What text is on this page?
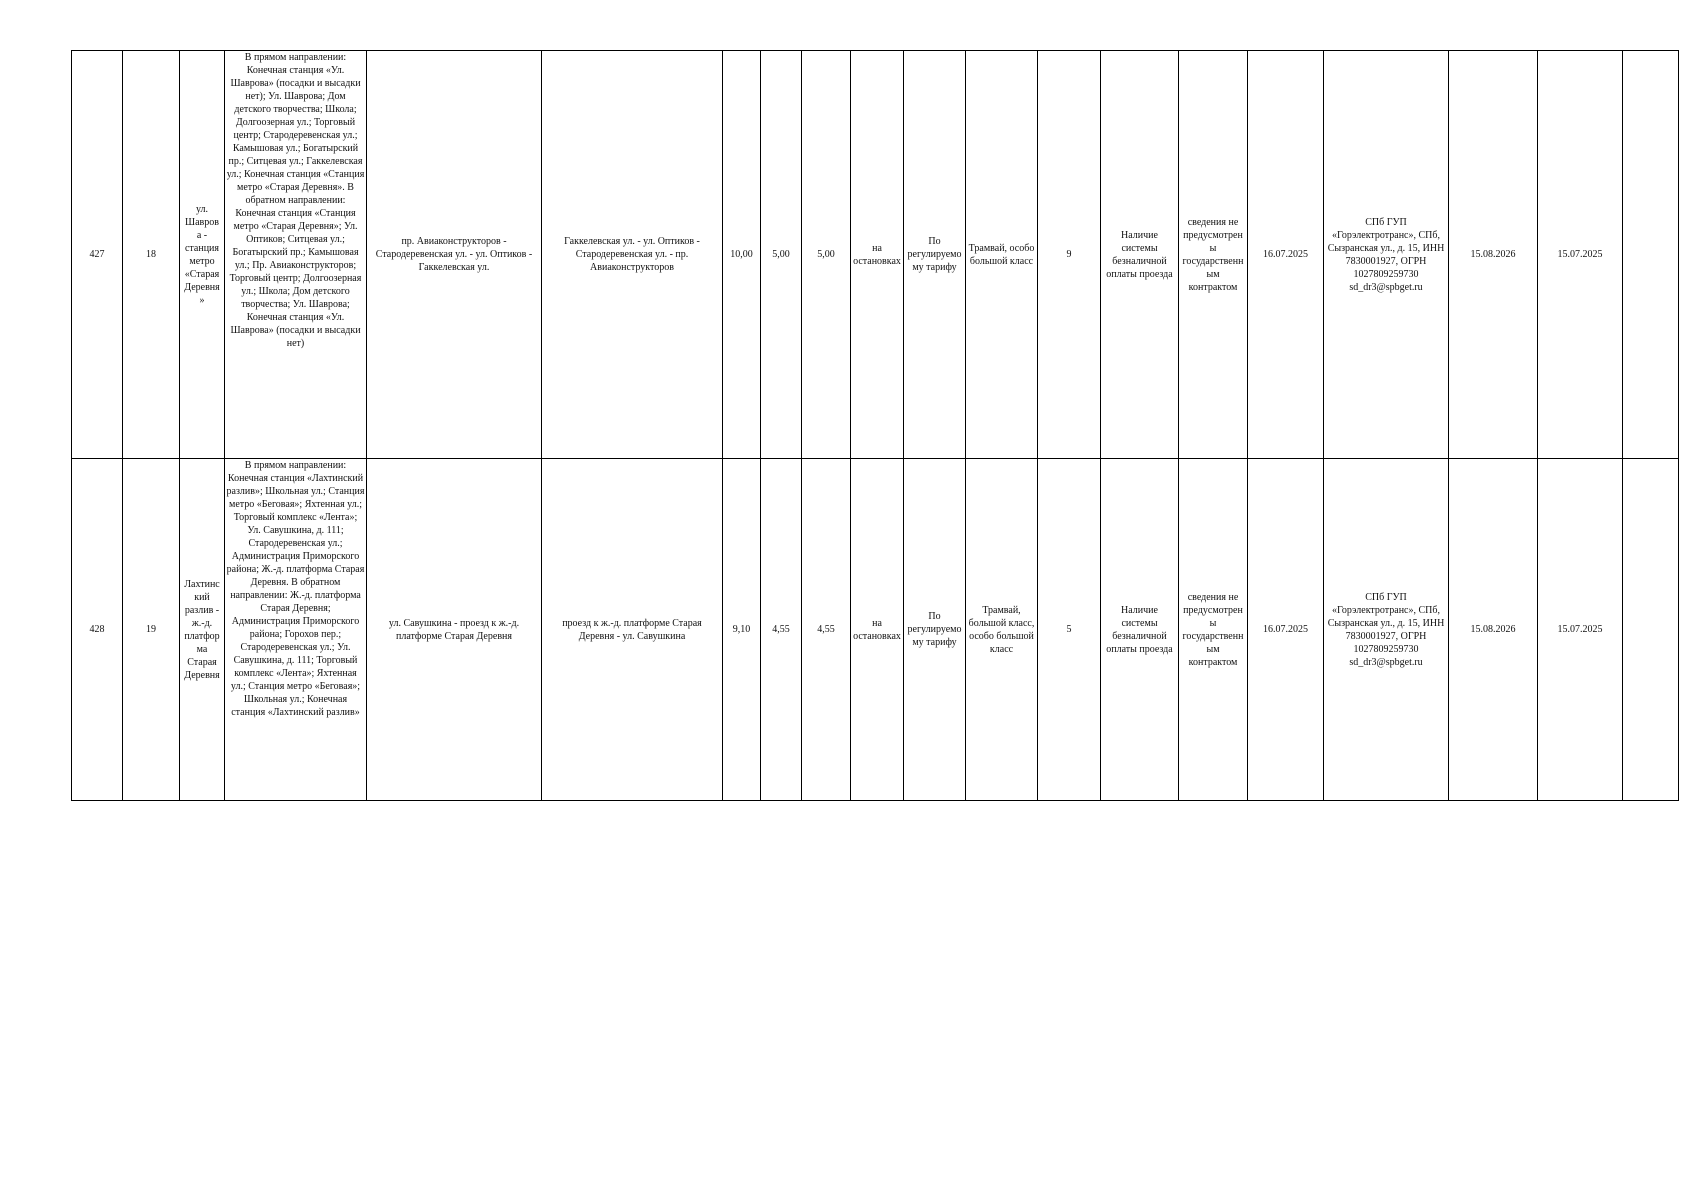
427	18	ул. Шаврова - станция метро «Старая Деревня»	В прямом направлении: Конечная станция «Ул. Шаврова» (посадки и высадки нет); Ул. Шаврова; Дом детского творчества; Школа; Долгоозерная ул.; Торговый центр; Стародеревенская ул.; Камышовая ул.; Богатырский пр.; Ситцевая ул.; Гаккелевская ул.; Конечная станция «Станция метро «Старая Деревня». В обратном направлении: Конечная станция «Станция метро «Старая Деревня»; Ул. Оптиков; Ситцевая ул.; Богатырский пр.; Камышовая ул.; Пр. Авиаконструкторов; Торговый центр; Долгоозерная ул.; Школа; Дом детского творчества; Ул. Шаврова; Конечная станция «Ул. Шаврова» (посадки и высадки нет)	пр. Авиаконструкторов - Стародеревенская ул. - ул. Оптиков - Гаккелевская ул.	Гаккелевская ул. - ул. Оптиков - Стародеревенская ул. - пр. Авиаконструкторов	10,00	5,00	5,00	на остановках	По регулируемому тарифу	Трамвай, особо большой класс	9	Наличие системы безналичной оплаты проезда	сведения не предусмотрены государственным контрактом	16.07.2025	СПб ГУП «Горэлектротранс», СПб, Сызранская ул., д. 15, ИНН 7830001927, ОГРН 1027809259730 sd_dr3@spbget.ru	15.08.2026	15.07.2025	
428	19	Лахтинский разлив - ж.-д. платформа Старая Деревня	В прямом направлении: Конечная станция «Лахтинский разлив»; Школьная ул.; Станция метро «Беговая»; Яхтенная ул.; Торговый комплекс «Лента»; Ул. Савушкина, д. 111; Стародеревенская ул.; Администрация Приморского района; Ж.-д. платформа Старая Деревня. В обратном направлении: Ж.-д. платформа Старая Деревня; Администрация Приморского района; Горохов пер.; Стародеревенская ул.; Ул. Савушкина, д. 111; Торговый комплекс «Лента»; Яхтенная ул.; Станция метро «Беговая»; Школьная ул.; Конечная станция «Лахтинский разлив»	ул. Савушкина - проезд к ж.-д. платформе Старая Деревня	проезд к ж.-д. платформе Старая Деревня - ул. Савушкина	9,10	4,55	4,55	на остановках	По регулируемому тарифу	Трамвай, большой класс, особо большой класс	5	Наличие системы безналичной оплаты проезда	сведения не предусмотрены государственным контрактом	16.07.2025	СПб ГУП «Горэлектротранс», СПб, Сызранская ул., д. 15, ИНН 7830001927, ОГРН 1027809259730 sd_dr3@spbget.ru	15.08.2026	15.07.2025	
